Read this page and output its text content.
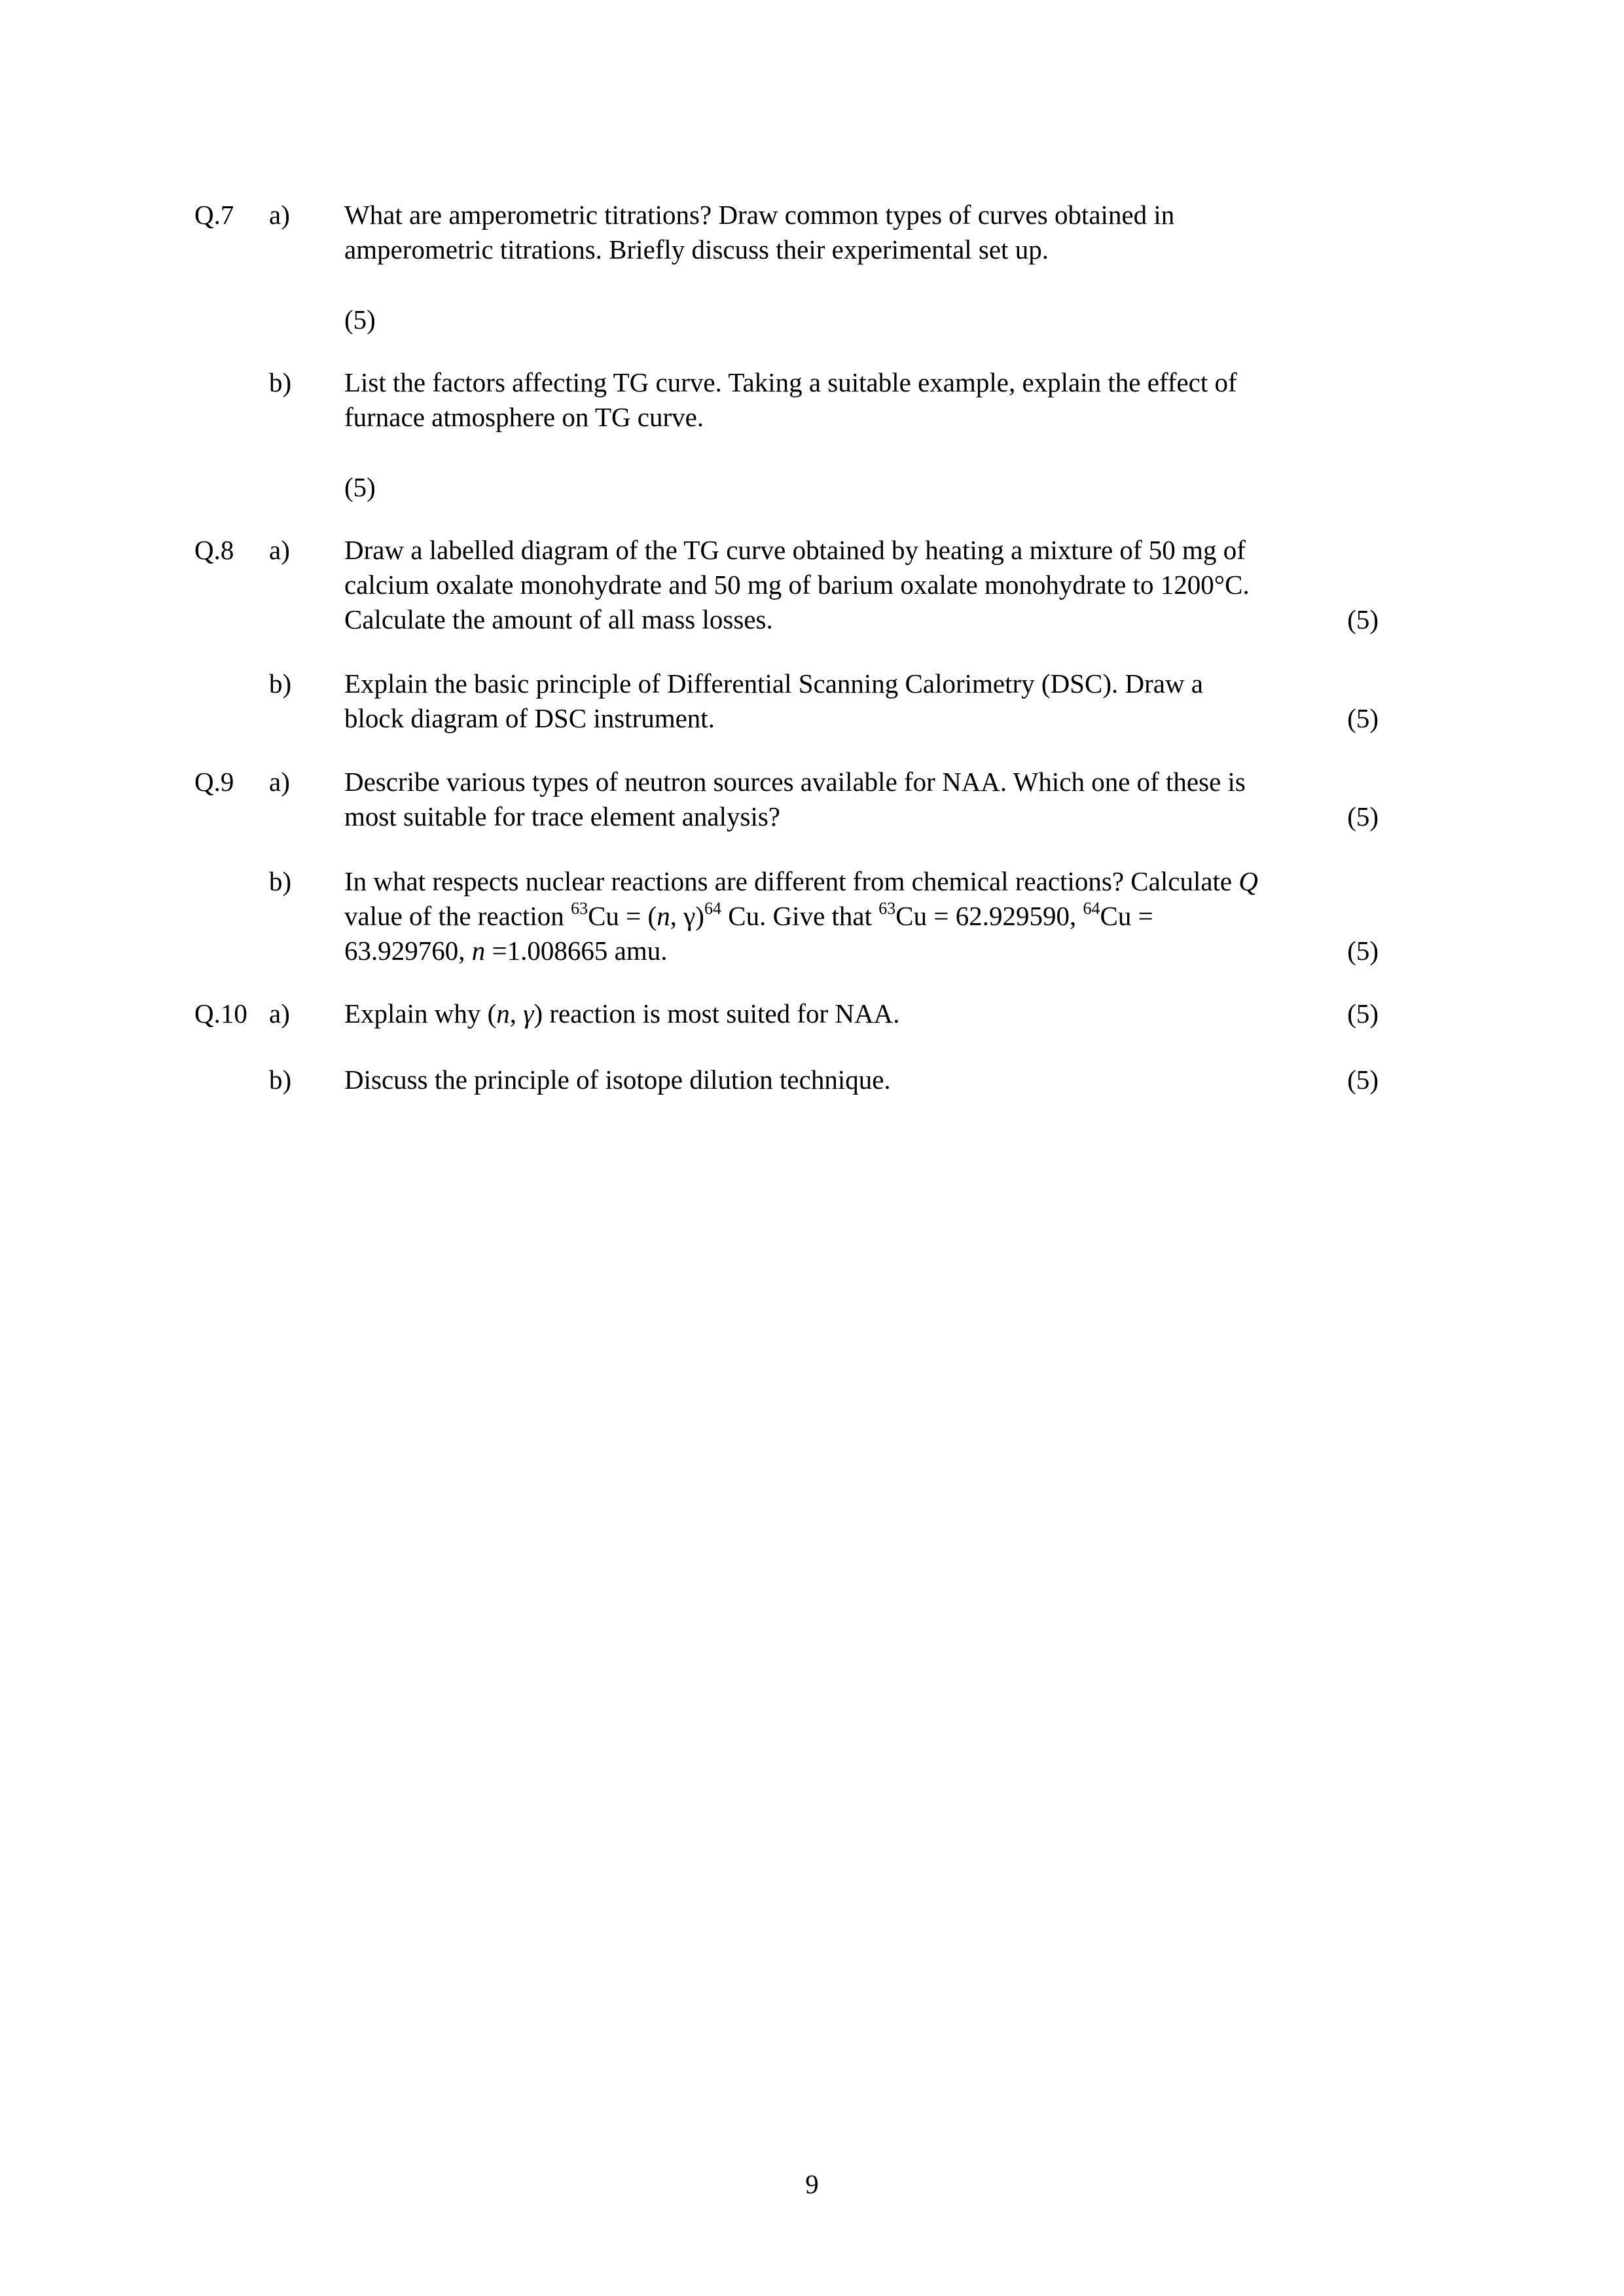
Q.7 a) What are amperometric titrations? Draw common types of curves obtained in
amperometric titrations. Briefly discuss their experimental set up.
(5)
b) List the factors affecting TG curve. Taking a suitable example, explain the effect of
furnace atmosphere on TG curve.
(5)
Q.8 a) Draw a labelled diagram of the TG curve obtained by heating a mixture of 50 mg of
calcium oxalate monohydrate and 50 mg of barium oxalate monohydrate to 1200°C.
Calculate the amount of all mass losses.	(5)
b) Explain the basic principle of Differential Scanning Calorimetry (DSC). Draw a
block diagram of DSC instrument.	(5)
Q.9 a) Describe various types of neutron sources available for NAA. Which one of these is
most suitable for trace element analysis?	(5)
b) In what respects nuclear reactions are different from chemical reactions? Calculate Q
value of the reaction $^{63}$Cu = (n, γ)$^{64}$ Cu. Give that $^{63}$Cu = 62.929590, $^{64}$Cu =
63.929760, n =1.008665 amu.	(5)
Q.10 a) Explain why (n, γ) reaction is most suited for NAA.	(5)
b) Discuss the principle of isotope dilution technique.	(5)
9
